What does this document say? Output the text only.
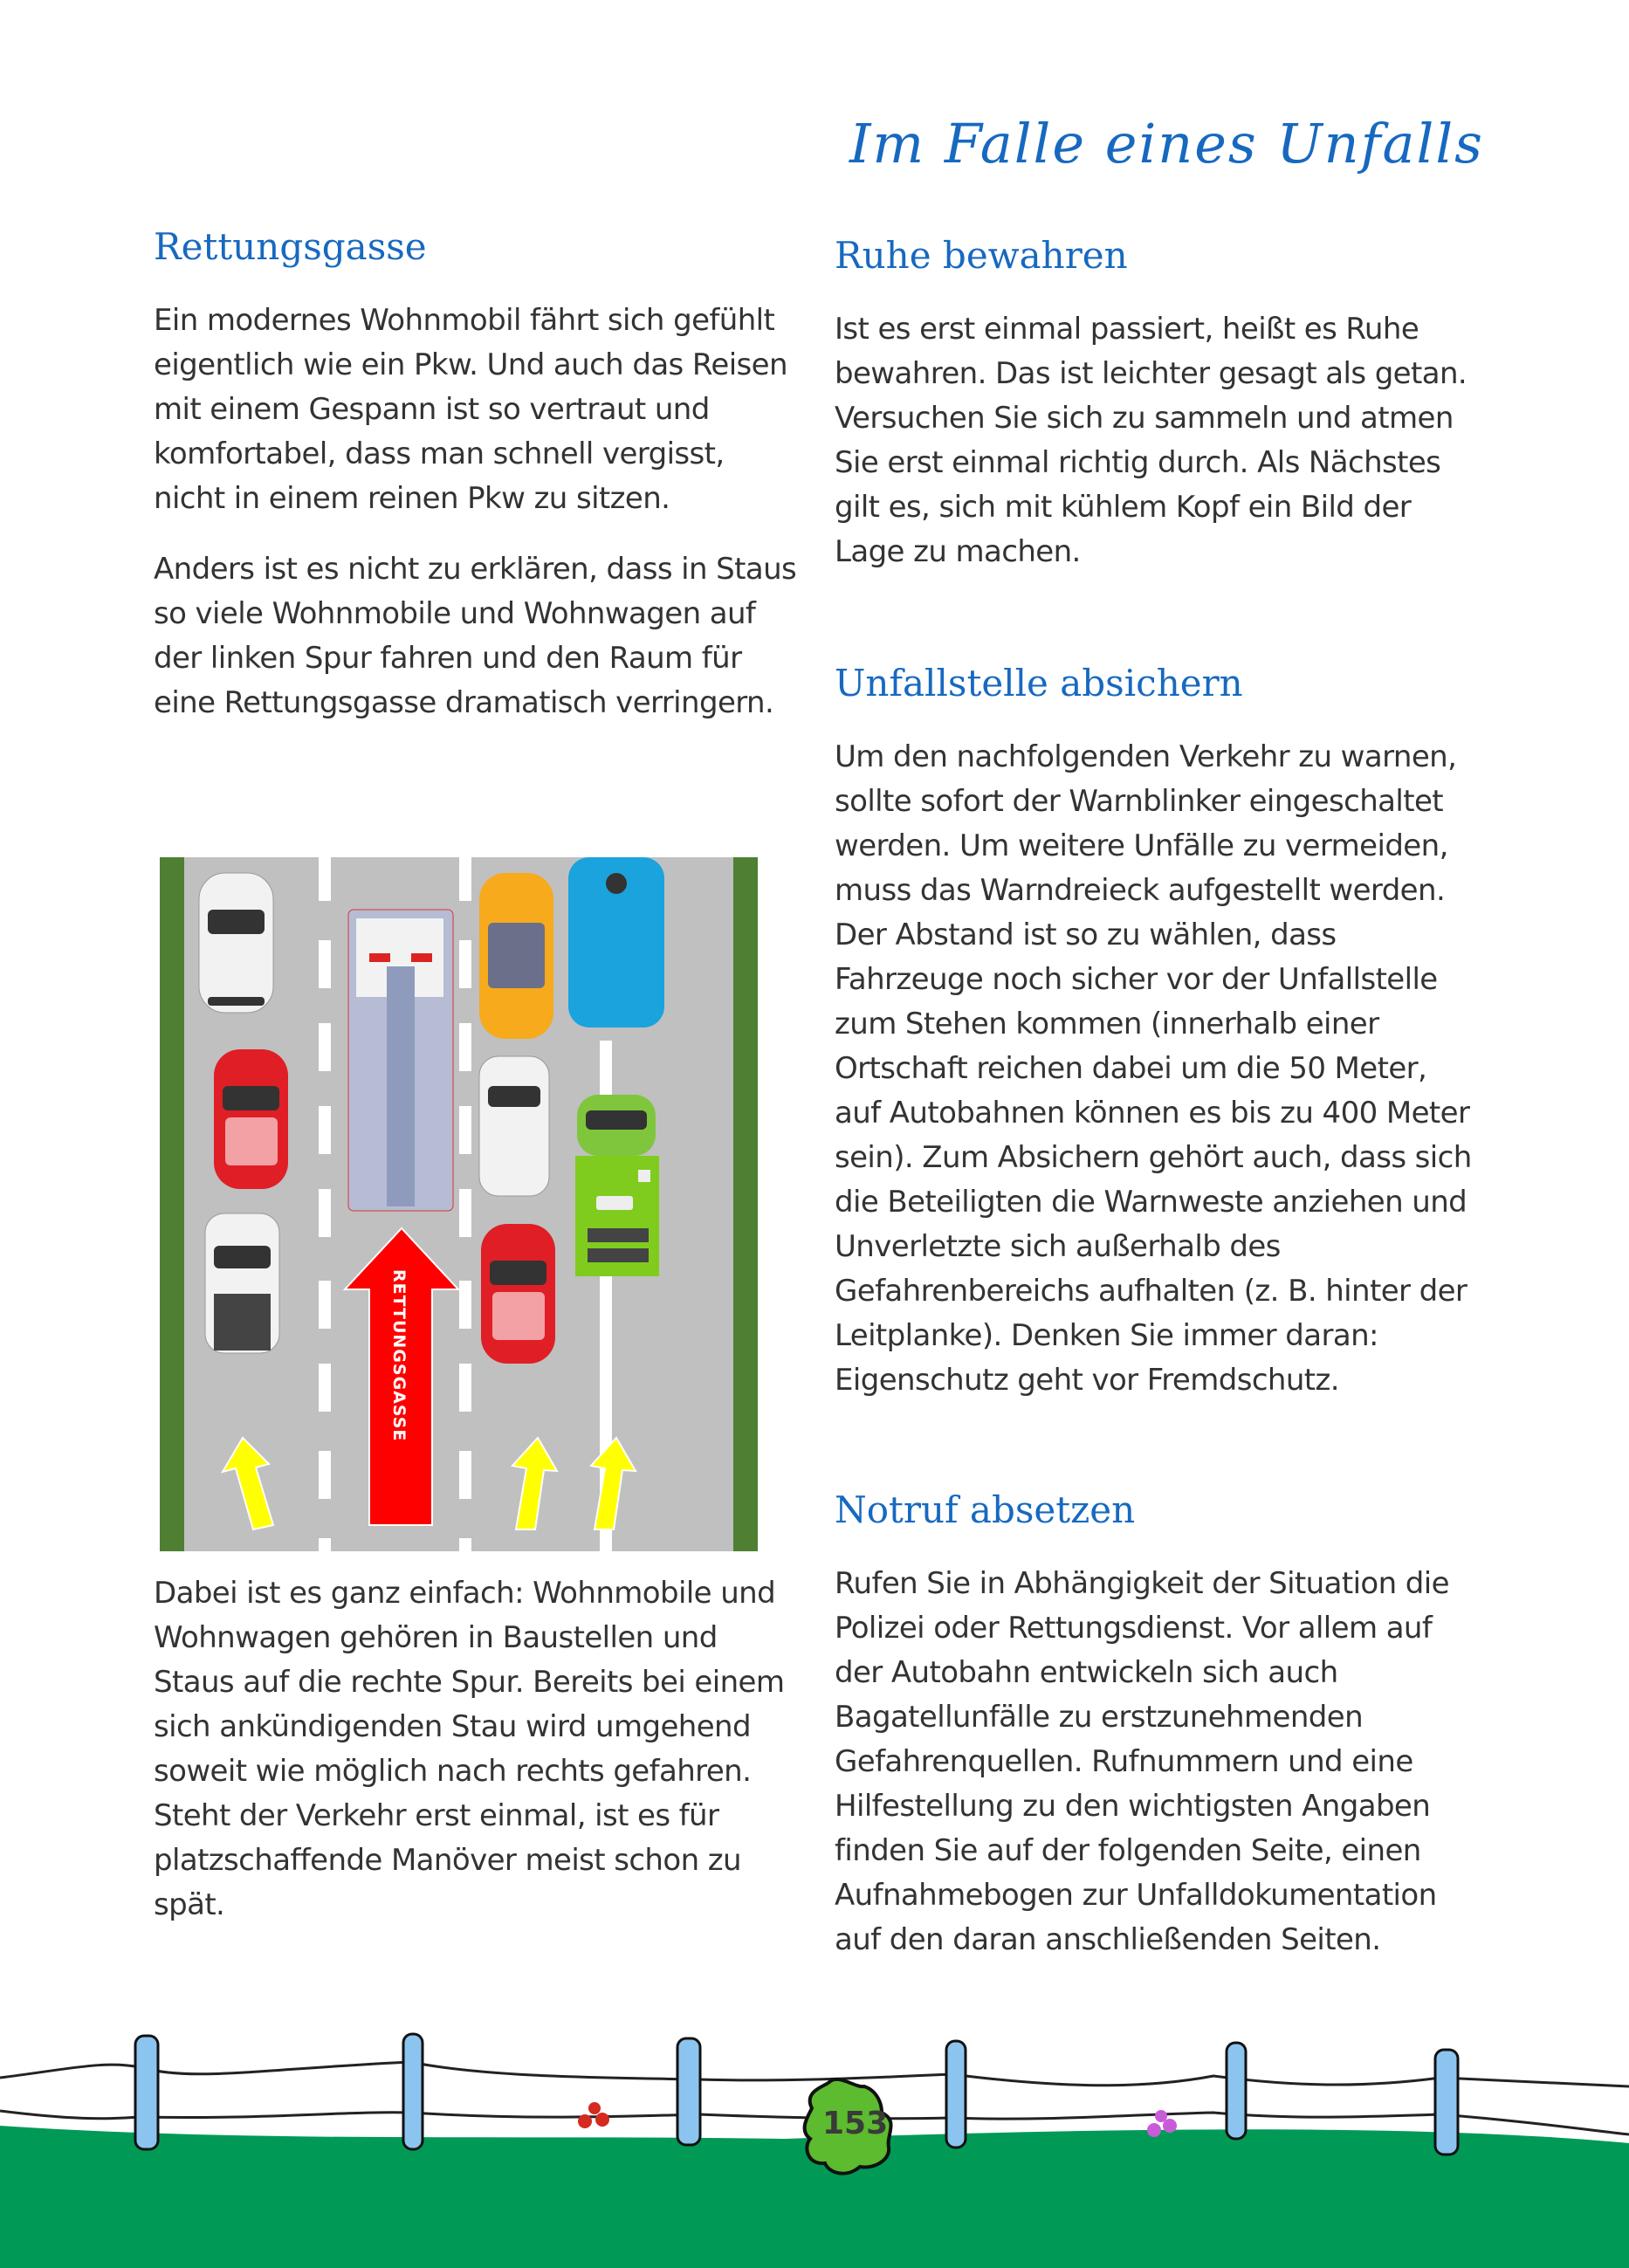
Im Falle eines Unfalls
Rettungsgasse

Ein modernes Wohnmobil fährt sich gefühlt eigentlich wie ein Pkw. Und auch das Reisen mit einem Gespann ist so vertraut und komfortabel, dass man schnell vergisst, nicht in einem reinen Pkw zu sitzen.

Anders ist es nicht zu erklären, dass in Staus so viele Wohnmobile und Wohnwagen auf der linken Spur fahren und den Raum für eine Rettungsgasse dramatisch verringern.

RETTUNGSGASSE

Dabei ist es ganz einfach: Wohnmobile und Wohnwagen gehören in Baustellen und Staus auf die rechte Spur. Bereits bei einem sich ankündigenden Stau wird umgehend soweit wie möglich nach rechts gefahren. Steht der Verkehr erst einmal, ist es für platzschaffende Manöver meist schon zu spät.

Ruhe bewahren

Ist es erst einmal passiert, heißt es Ruhe bewahren. Das ist leichter gesagt als getan. Versuchen Sie sich zu sammeln und atmen Sie erst einmal richtig durch. Als Nächstes gilt es, sich mit kühlem Kopf ein Bild der Lage zu machen.

Unfallstelle absichern

Um den nachfolgenden Verkehr zu warnen, sollte sofort der Warnblinker eingeschaltet werden. Um weitere Unfälle zu vermeiden, muss das Warndreieck aufgestellt werden. Der Abstand ist so zu wählen, dass Fahrzeuge noch sicher vor der Unfallstelle zum Stehen kommen (innerhalb einer Ortschaft reichen dabei um die 50 Meter, auf Autobahnen können es bis zu 400 Meter sein). Zum Absichern gehört auch, dass sich die Beteiligten die Warnweste anziehen und Unverletzte sich außerhalb des Gefahrenbereichs aufhalten (z. B. hinter der Leitplanke). Denken Sie immer daran: Eigenschutz geht vor Fremdschutz.

Notruf absetzen

Rufen Sie in Abhängigkeit der Situation die Polizei oder Rettungsdienst. Vor allem auf der Autobahn entwickeln sich auch Bagatellunfälle zu erstzunehmenden Gefahrenquellen. Rufnummern und eine Hilfestellung zu den wichtigsten Angaben finden Sie auf der folgenden Seite, einen Aufnahmebogen zur Unfalldokumentation auf den daran anschließenden Seiten.

153
